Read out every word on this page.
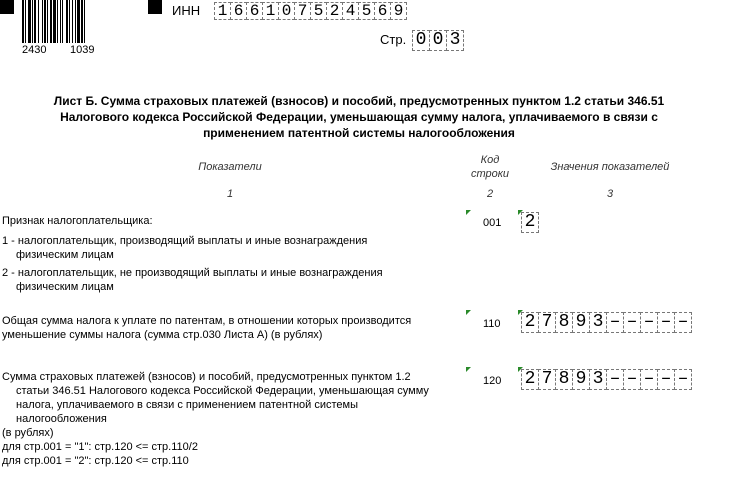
2430 1039
ИНН 1 6 6 1 0 7 5 2 4 5 6 9
Стр. 0 0 3
Лист Б. Сумма страховых платежей (взносов) и пособий, предусмотренных пунктом 1.2 статьи 346.51
Налогового кодекса Российской Федерации, уменьшающая сумму налога, уплачиваемого в связи с
применением патентной системы налогообложения
Показатели
Код
строки
Значения показателей
1	2	3
Признак налогоплательщика:
1 - налогоплательщик, производящий выплаты и иные вознаграждения
физическим лицам
2 - налогоплательщик, не производящий выплаты и иные вознаграждения
физическим лицам
001 2
Общая сумма налога к уплате по патентам, в отношении которых производится
уменьшение суммы налога (сумма стр.030 Листа А) (в рублях)
110 2 7 8 9 3 – – – – –
Сумма страховых платежей (взносов) и пособий, предусмотренных пунктом 1.2
статьи 346.51 Налогового кодекса Российской Федерации, уменьшающая сумму
налога, уплачиваемого в связи с применением патентной системы
налогообложения
(в рублях)
для стр.001 = "1": стр.120 <= стр.110/2
для стр.001 = "2": стр.120 <= стр.110
120 2 7 8 9 3 – – – – –
